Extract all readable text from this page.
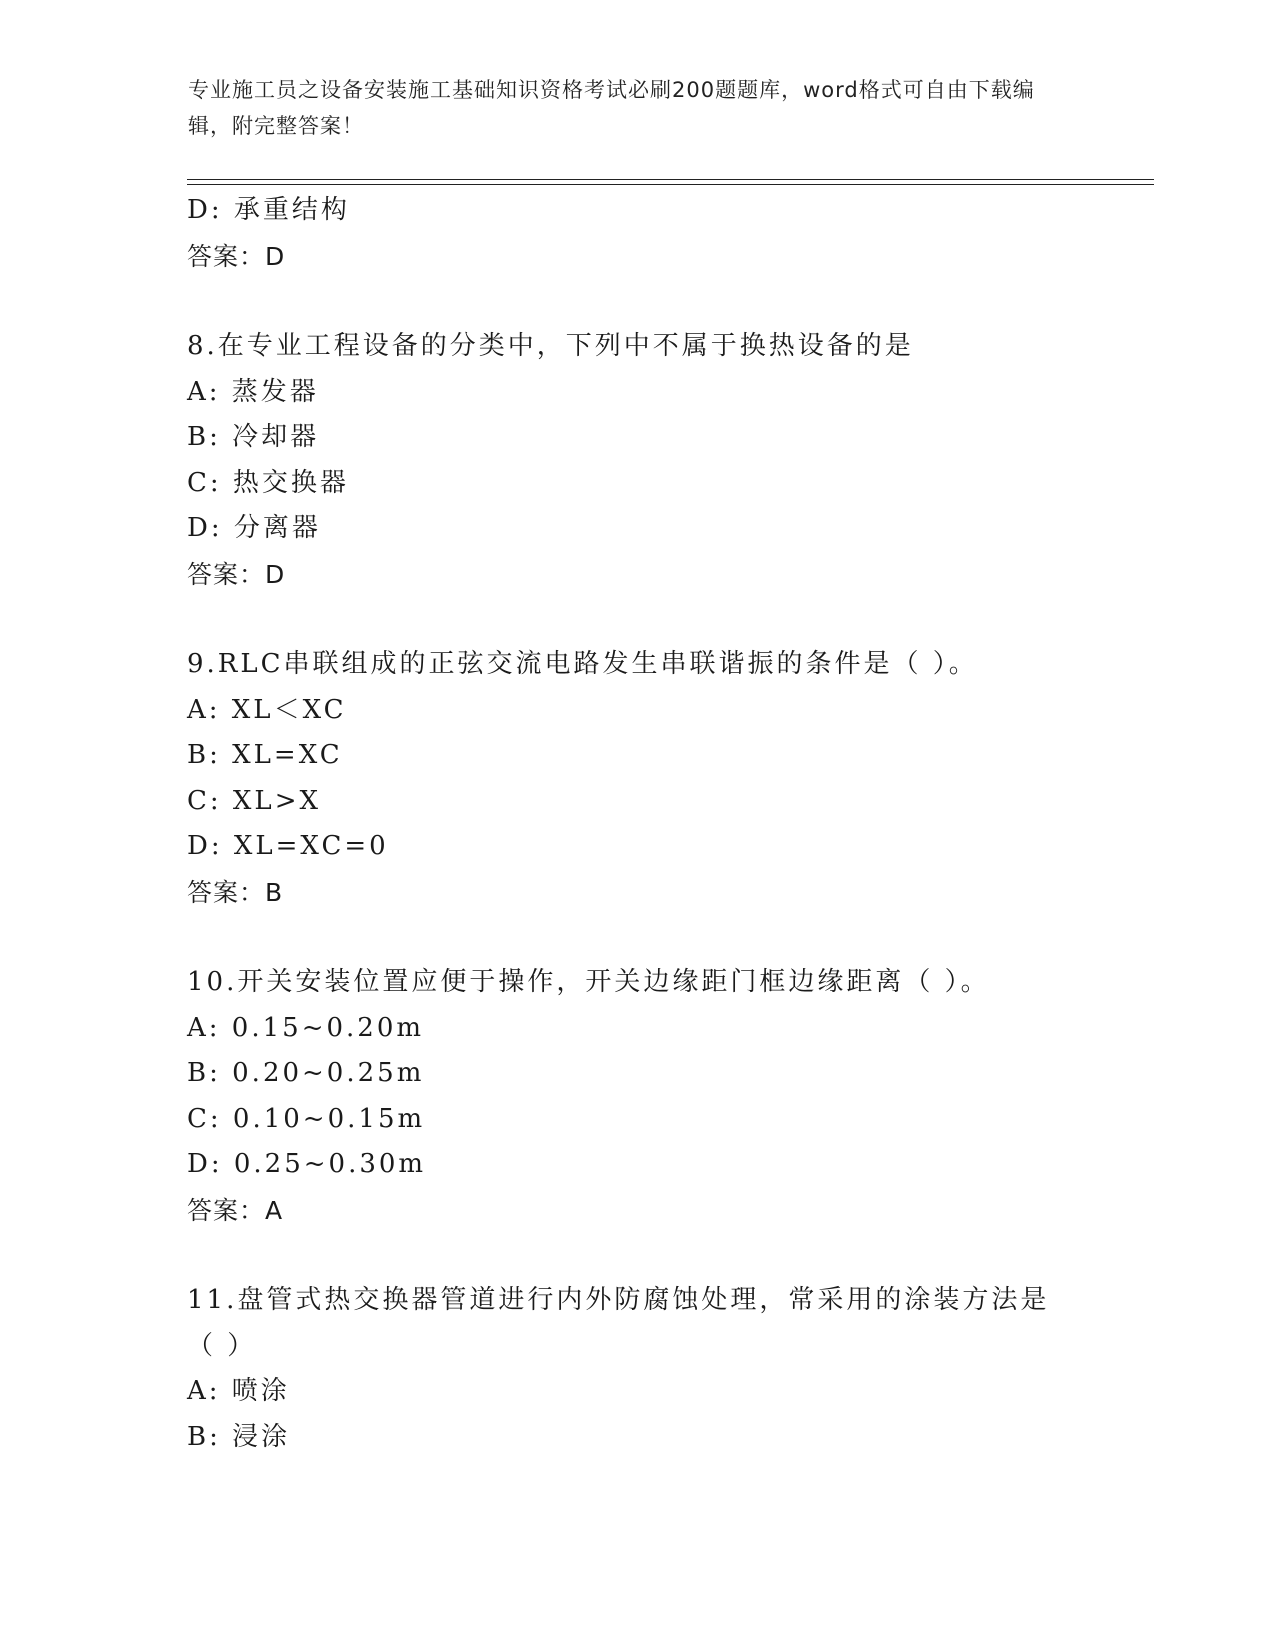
专业施工员之设备安装施工基础知识资格考试必刷200题题库，word格式可自由下载编辑，附完整答案！
D: 承重结构
答案：D
8.在专业工程设备的分类中，下列中不属于换热设备的是
A: 蒸发器
B: 冷却器
C: 热交换器
D: 分离器
答案：D
9.RLC串联组成的正弦交流电路发生串联谐振的条件是（ ）。
A: XL＜XC
B: XL=XC
C: XL>X
D: XL=XC=0
答案：B
10.开关安装位置应便于操作，开关边缘距门框边缘距离（ ）。
A: 0.15~0.20m
B: 0.20~0.25m
C: 0.10~0.15m
D: 0.25~0.30m
答案：A
11.盘管式热交换器管道进行内外防腐蚀处理，常采用的涂装方法是（ ）
A: 喷涂
B: 浸涂
